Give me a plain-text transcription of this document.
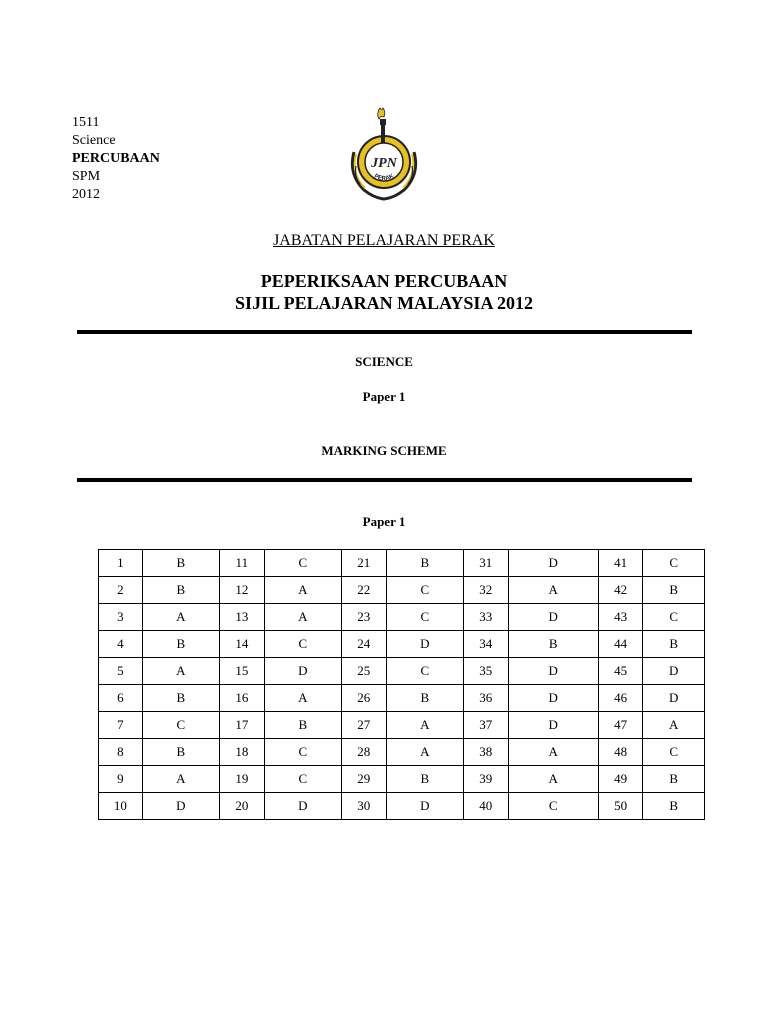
1511
Science
PERCUBAAN
SPM
2012
JPN
PERAK
JABATAN PELAJARAN PERAK
PEPERIKSAAN PERCUBAAN
SIJIL PELAJARAN MALAYSIA 2012
SCIENCE
Paper 1
MARKING SCHEME
Paper 1
1	B	11	C	21	B	31	D	41	C
2	B	12	A	22	C	32	A	42	B
3	A	13	A	23	C	33	D	43	C
4	B	14	C	24	D	34	B	44	B
5	A	15	D	25	C	35	D	45	D
6	B	16	A	26	B	36	D	46	D
7	C	17	B	27	A	37	D	47	A
8	B	18	C	28	A	38	A	48	C
9	A	19	C	29	B	39	A	49	B
10	D	20	D	30	D	40	C	50	B
